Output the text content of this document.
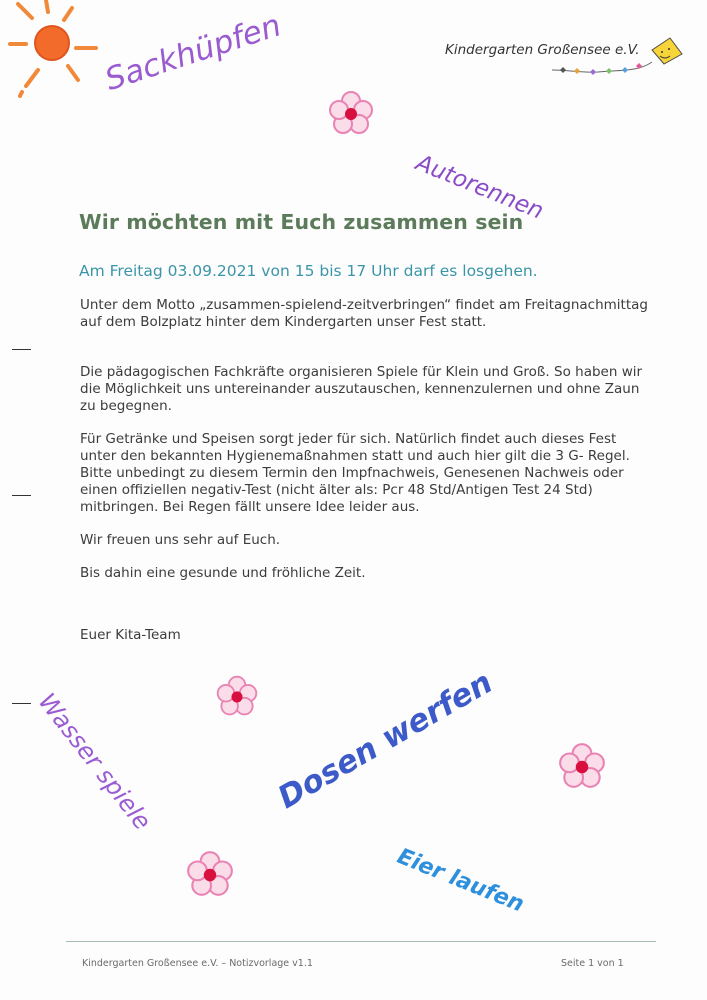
Kindergarten Großensee e.V.
Sackhüpfen
Autorennen
Wir möchten mit Euch zusammen sein
Am Freitag 03.09.2021 von 15 bis 17 Uhr darf es losgehen.
Unter dem Motto „zusammen-spielend-zeitverbringen“ findet am Freitagnachmittag auf dem Bolzplatz hinter dem Kindergarten unser Fest statt.
Die pädagogischen Fachkräfte organisieren Spiele für Klein und Groß. So haben wir die Möglichkeit uns untereinander auszutauschen, kennenzulernen und ohne Zaun zu begegnen.
Für Getränke und Speisen sorgt jeder für sich. Natürlich findet auch dieses Fest unter den bekannten Hygienemaßnahmen statt und auch hier gilt die 3 G- Regel. Bitte unbedingt zu diesem Termin den Impfnachweis, Genesenen Nachweis oder einen offiziellen negativ-Test (nicht älter als: Pcr 48 Std/Antigen Test 24 Std) mitbringen. Bei Regen fällt unsere Idee leider aus.
Wir freuen uns sehr auf Euch.
Bis dahin eine gesunde und fröhliche Zeit.
Euer Kita-Team
Wasser spiele	Dosen werfen
Eier laufen
Kindergarten Großensee e.V. – Notizvorlage v1.1	Seite 1 von 1
